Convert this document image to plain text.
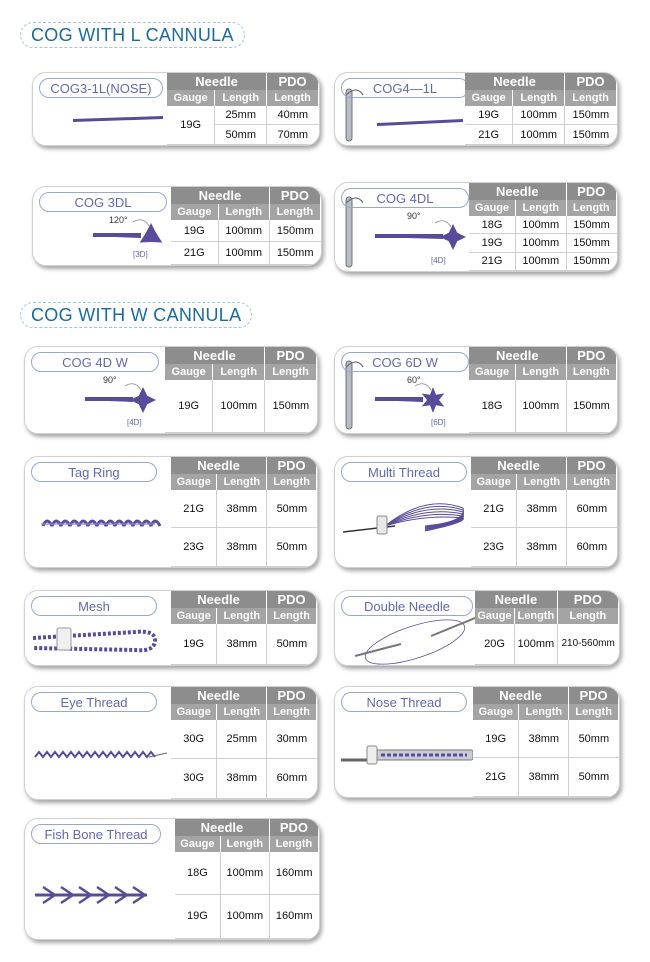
COG WITH L CANNULA
COG WITH W CANNULA
COG3-1L(NOSE)	Needle		PDO
Gauge	Length	Length
19G	25mm	40mm
	50mm	70mm
COG4—1L	Needle		PDO
Gauge	Length	Length
19G	100mm	150mm
21G	100mm	150mm
COG 3DL
120°
[3D]
Needle		PDO
Gauge	Length	Length
19G	100mm	150mm
21G	100mm	150mm
COG 4DL
90°
[4D]
Needle		PDO
Gauge	Length	Length
18G	100mm	150mm
19G	100mm	150mm
21G	100mm	150mm
COG 4D W
90°
[4D]
Needle		PDO
Gauge	Length	Length
19G	100mm	150mm
COG 6D W
60°
[6D]
Needle		PDO
Gauge	Length	Length
18G	100mm	150mm
Tag Ring	Needle		PDO
Gauge	Length	Length
21G	38mm	50mm
23G	38mm	50mm
Multi Thread	Needle		PDO
Gauge	Length	Length
21G	38mm	60mm
23G	38mm	60mm
Mesh	Needle		PDO
Gauge	Length	Length
19G	38mm	50mm
Double Needle	Needle		PDO
Gauge	Length	Length
20G	100mm	210-560mm
Eye Thread	Needle		PDO
Gauge	Length	Length
30G	25mm	30mm
30G	38mm	60mm
Nose Thread	Needle		PDO
Gauge	Length	Length
19G	38mm	50mm
21G	38mm	50mm
Fish Bone Thread	Needle		PDO
Gauge	Length	Length
18G	100mm	160mm
19G	100mm	160mm
